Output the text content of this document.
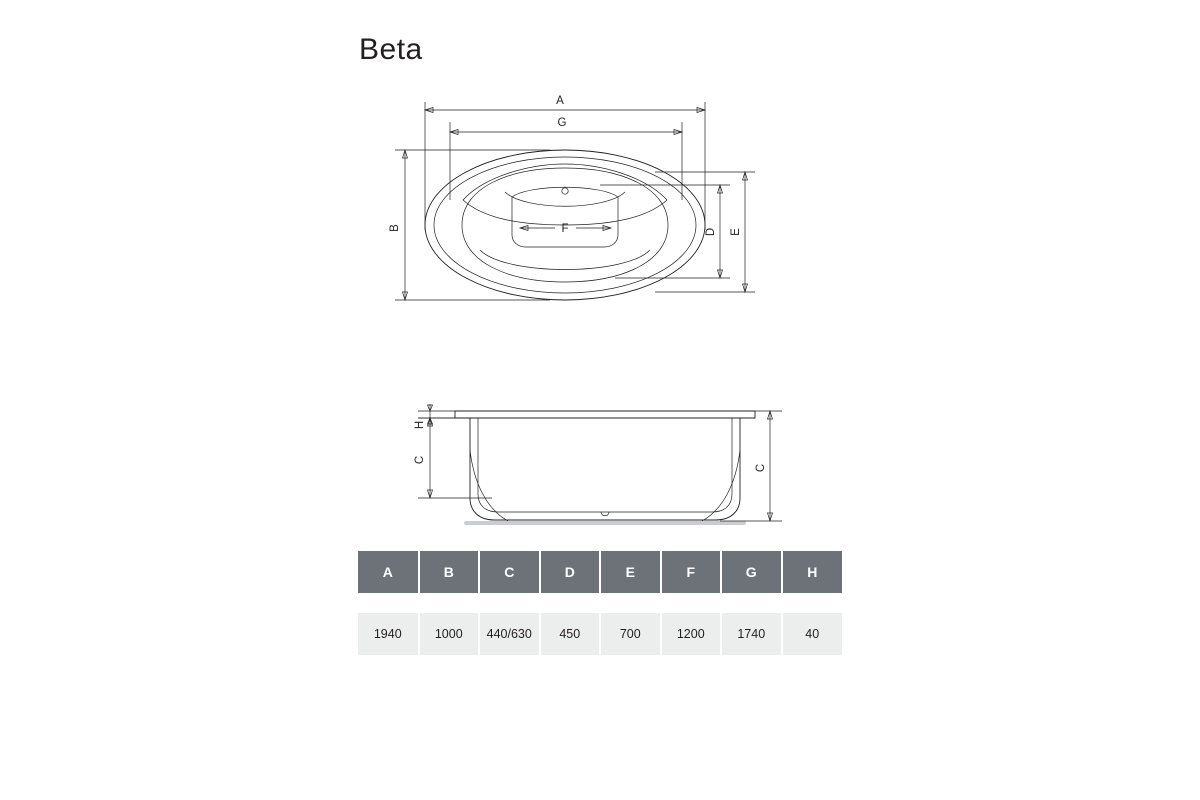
Beta
A
G
B	F	D E
H
C
C
A	B	C	D	E	F	G	H

1940	1000	440/630	450	700	1200	1740	40
